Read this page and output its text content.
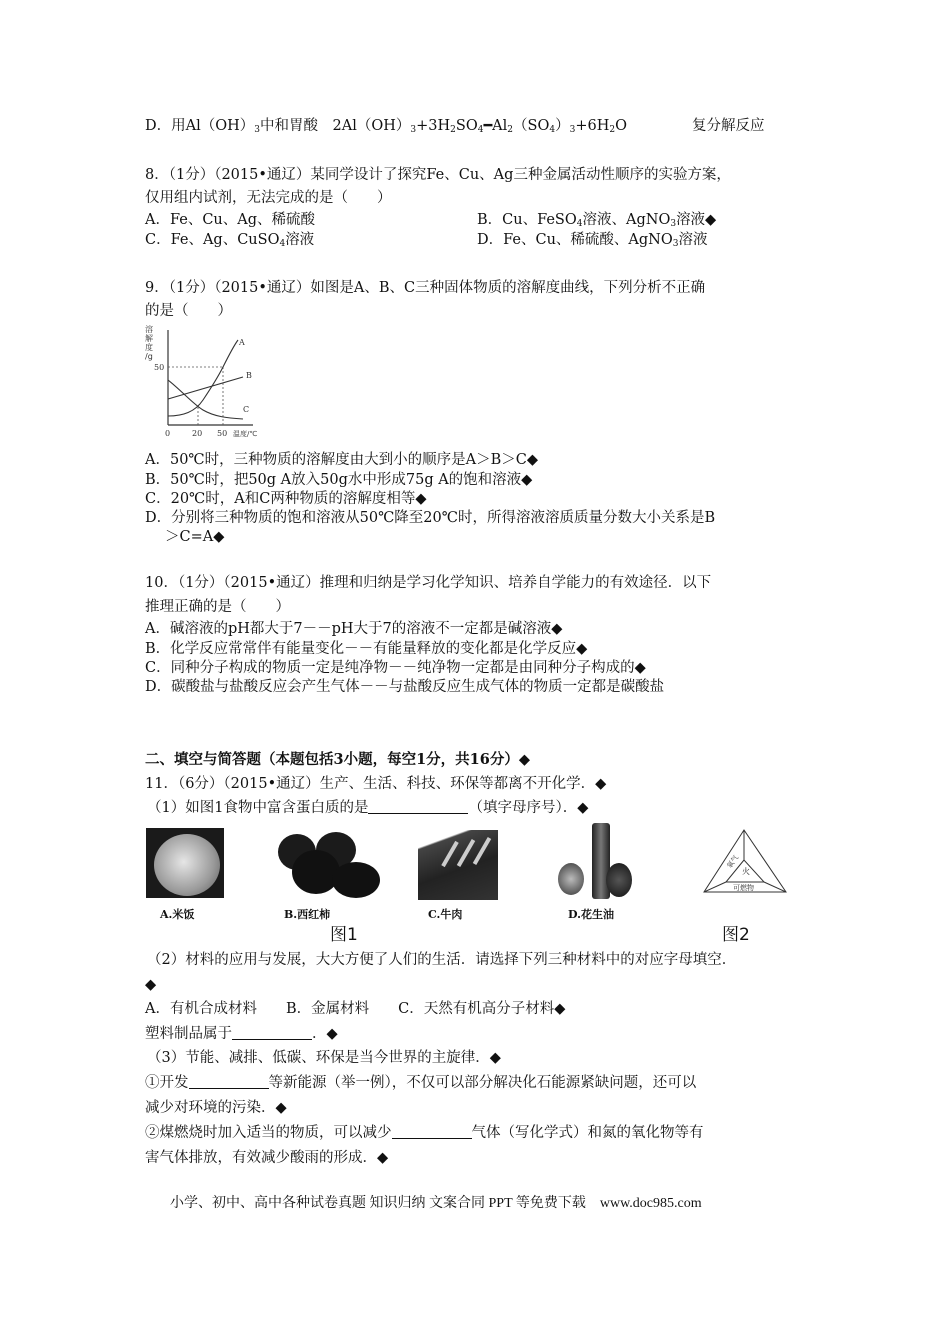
D．用$Al(OH)_3$中和胃酸　$2Al(OH)_3+3H_2SO_4━Al_2(SO_4)_3+6H_2O$	复分解反应
8．（1分）（2015•通辽）某同学设计了探究Fe、Cu、Ag三种金属活动性顺序的实验方案，
仅用组内试剂，无法完成的是（　　）
A．Fe、Cu、Ag、稀硫酸	B．Cu、FeSO$_4$溶液、AgNO$_3$溶液◆
C．Fe、Ag、CuSO$_4$溶液	D．Fe、Cu、稀硫酸、AgNO$_3$溶液
9．（1分）（2015•通辽）如图是A、B、C三种固体物质的溶解度曲线，下列分析不正确
的是（　　）
溶
解
度
/g
50
A
B
C
0	20 50 温度/℃
A．50℃时，三种物质的溶解度由大到小的顺序是A＞B＞C◆
B．50℃时，把50g A放入50g水中形成75g A的饱和溶液◆
C．20℃时，A和C两种物质的溶解度相等◆
D．分别将三种物质的饱和溶液从50℃降至20℃时，所得溶液溶质质量分数大小关系是B
＞C=A◆
10．（1分）（2015•通辽）推理和归纳是学习化学知识、培养自学能力的有效途径．以下
推理正确的是（　　）
A．碱溶液的pH都大于7－－pH大于7的溶液不一定都是碱溶液◆
B．化学反应常常伴有能量变化－－有能量释放的变化都是化学反应◆
C．同种分子构成的物质一定是纯净物－－纯净物一定都是由同种分子构成的◆
D．碳酸盐与盐酸反应会产生气体－－与盐酸反应生成气体的物质一定都是碳酸盐
二、填空与简答题（本题包括3小题，每空1分，共16分）◆
11．（6分）（2015•通辽）生产、生活、科技、环保等都离不开化学．◆
（1）如图1食物中富含蛋白质的是	（填字母序号）．◆
氧气
火
可燃物
A.米饭	B.西红柿	C.牛肉	D.花生油
图1	图2
（2）材料的应用与发展，大大方便了人们的生活．请选择下列三种材料中的对应字母填空．
◆
A．有机合成材料　　B．金属材料　　C．天然有机高分子材料◆
塑料制品属于	．◆
（3）节能、减排、低碳、环保是当今世界的主旋律．◆
①开发	等新能源（举一例），不仅可以部分解决化石能源紧缺问题，还可以
减少对环境的污染．◆
②煤燃烧时加入适当的物质，可以减少	气体（写化学式）和氮的氧化物等有
害气体排放，有效减少酸雨的形成．◆
小学、初中、高中各种试卷真题 知识归纳 文案合同 PPT 等免费下载　www.doc985.com
